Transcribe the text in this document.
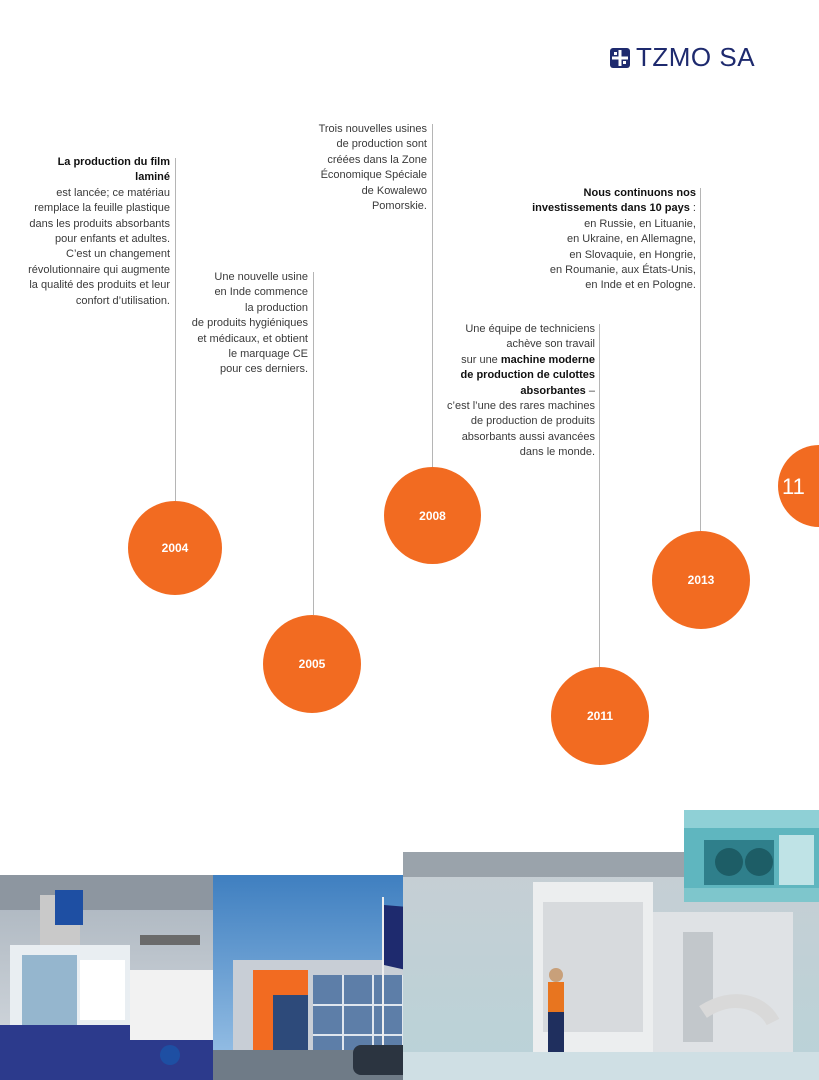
TZMO SA
11
La production du film laminé
est lancée; ce matériau
remplace la feuille plastique
dans les produits absorbants
pour enfants et adultes.
C’est un changement
révolutionnaire qui augmente
la qualité des produits et leur
confort d’utilisation.
2004
Une nouvelle usine
en Inde commence
la production
de produits hygiéniques
et médicaux, et obtient
le marquage CE
pour ces derniers.
2005
Trois nouvelles usines
de production sont
créées dans la Zone
Économique Spéciale
de Kowalewo
Pomorskie.
2008
Une équipe de techniciens
achève son travail
sur une machine moderne
de production de culottes
absorbantes –
c’est l’une des rares machines
de production de produits
absorbants aussi avancées
dans le monde.
2011
Nous continuons nos
investissements dans 10 pays :
en Russie, en Lituanie,
en Ukraine, en Allemagne,
en Slovaquie, en Hongrie,
en Roumanie, aux États-Unis,
en Inde et en Pologne.
2013
